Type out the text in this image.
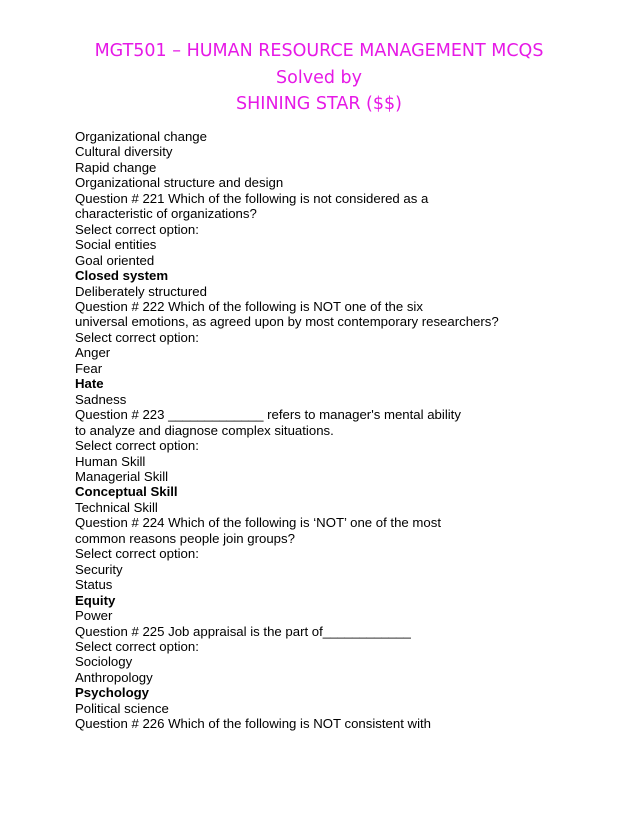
MGT501 – HUMAN RESOURCE MANAGEMENT MCQS
Solved by
SHINING STAR ($$)
Organizational change
Cultural diversity
Rapid change
Organizational structure and design
Question # 221 Which of the following is not considered as a
characteristic of organizations?
Select correct option:
Social entities
Goal oriented
Closed system
Deliberately structured
Question # 222 Which of the following is NOT one of the six
universal emotions, as agreed upon by most contemporary researchers?
Select correct option:
Anger
Fear
Hate
Sadness
Question # 223 _____________ refers to manager's mental ability
to analyze and diagnose complex situations.
Select correct option:
Human Skill
Managerial Skill
Conceptual Skill
Technical Skill
Question # 224 Which of the following is ‘NOT’ one of the most
common reasons people join groups?
Select correct option:
Security
Status
Equity
Power
Question # 225 Job appraisal is the part of____________
Select correct option:
Sociology
Anthropology
Psychology
Political science
Question # 226 Which of the following is NOT consistent with
